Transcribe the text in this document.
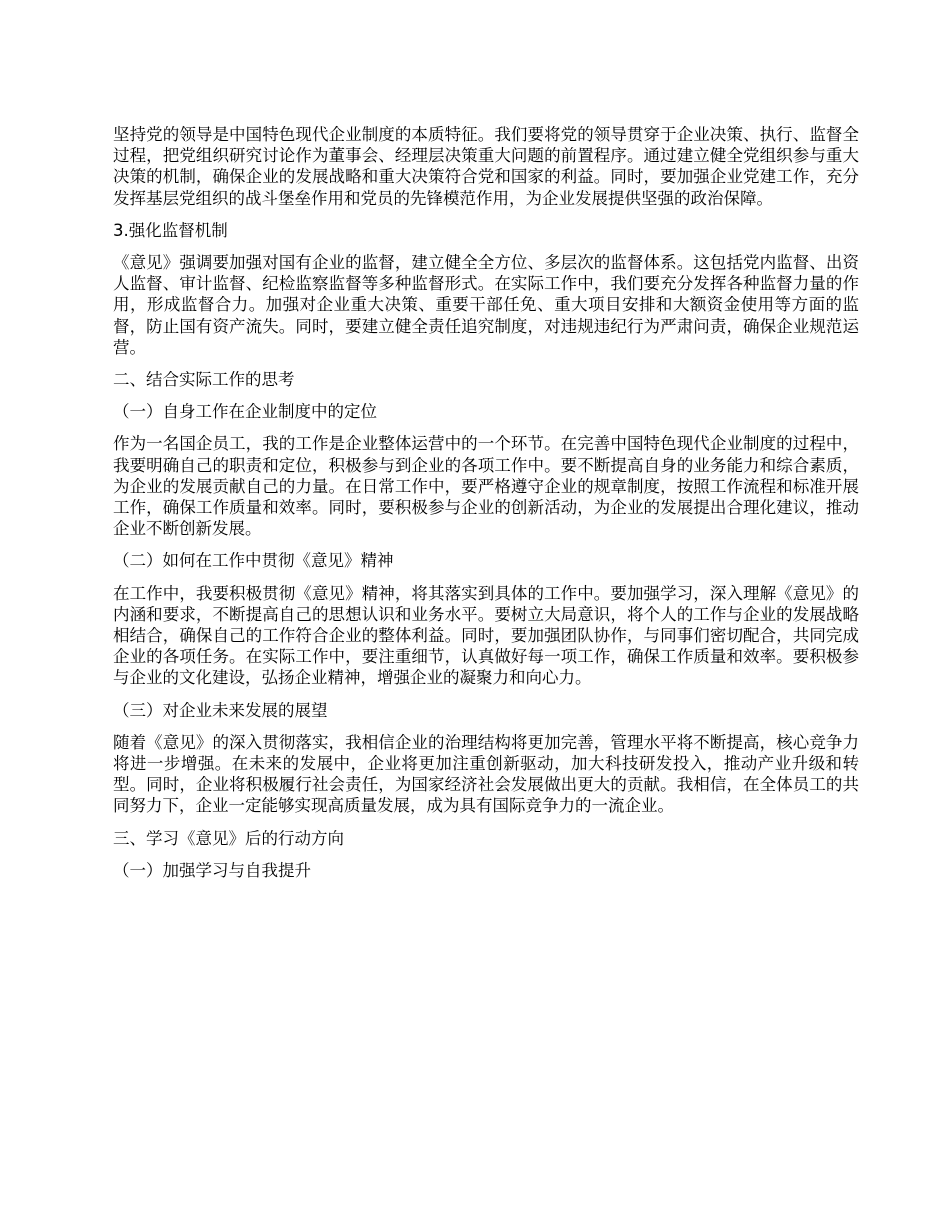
坚持党的领导是中国特色现代企业制度的本质特征。我们要将党的领导贯穿于企业决策、执行、监督全过程，把党组织研究讨论作为董事会、经理层决策重大问题的前置程序。通过建立健全党组织参与重大决策的机制，确保企业的发展战略和重大决策符合党和国家的利益。同时，要加强企业党建工作，充分发挥基层党组织的战斗堡垒作用和党员的先锋模范作用，为企业发展提供坚强的政治保障。

3.强化监督机制

《意见》强调要加强对国有企业的监督，建立健全全方位、多层次的监督体系。这包括党内监督、出资人监督、审计监督、纪检监察监督等多种监督形式。在实际工作中，我们要充分发挥各种监督力量的作用，形成监督合力。加强对企业重大决策、重要干部任免、重大项目安排和大额资金使用等方面的监督，防止国有资产流失。同时，要建立健全责任追究制度，对违规违纪行为严肃问责，确保企业规范运营。

二、结合实际工作的思考

（一）自身工作在企业制度中的定位

作为一名国企员工，我的工作是企业整体运营中的一个环节。在完善中国特色现代企业制度的过程中，我要明确自己的职责和定位，积极参与到企业的各项工作中。要不断提高自身的业务能力和综合素质，为企业的发展贡献自己的力量。在日常工作中，要严格遵守企业的规章制度，按照工作流程和标准开展工作，确保工作质量和效率。同时，要积极参与企业的创新活动，为企业的发展提出合理化建议，推动企业不断创新发展。

（二）如何在工作中贯彻《意见》精神

在工作中，我要积极贯彻《意见》精神，将其落实到具体的工作中。要加强学习，深入理解《意见》的内涵和要求，不断提高自己的思想认识和业务水平。要树立大局意识，将个人的工作与企业的发展战略相结合，确保自己的工作符合企业的整体利益。同时，要加强团队协作，与同事们密切配合，共同完成企业的各项任务。在实际工作中，要注重细节，认真做好每一项工作，确保工作质量和效率。要积极参与企业的文化建设，弘扬企业精神，增强企业的凝聚力和向心力。

（三）对企业未来发展的展望

随着《意见》的深入贯彻落实，我相信企业的治理结构将更加完善，管理水平将不断提高，核心竞争力将进一步增强。在未来的发展中，企业将更加注重创新驱动，加大科技研发投入，推动产业升级和转型。同时，企业将积极履行社会责任，为国家经济社会发展做出更大的贡献。我相信，在全体员工的共同努力下，企业一定能够实现高质量发展，成为具有国际竞争力的一流企业。

三、学习《意见》后的行动方向

（一）加强学习与自我提升
